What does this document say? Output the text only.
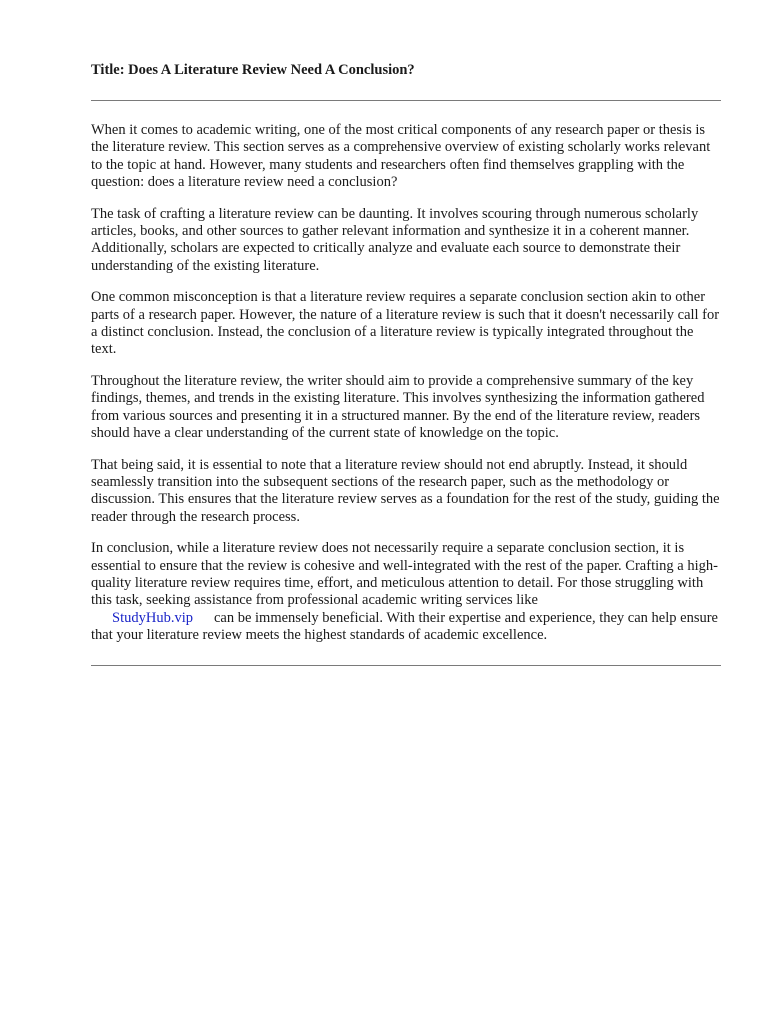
Title: Does A Literature Review Need A Conclusion?

When it comes to academic writing, one of the most critical components of any research paper or thesis is the literature review. This section serves as a comprehensive overview of existing scholarly works relevant to the topic at hand. However, many students and researchers often find themselves grappling with the question: does a literature review need a conclusion?

The task of crafting a literature review can be daunting. It involves scouring through numerous scholarly articles, books, and other sources to gather relevant information and synthesize it in a coherent manner. Additionally, scholars are expected to critically analyze and evaluate each source to demonstrate their understanding of the existing literature.

One common misconception is that a literature review requires a separate conclusion section akin to other parts of a research paper. However, the nature of a literature review is such that it doesn't necessarily call for a distinct conclusion. Instead, the conclusion of a literature review is typically integrated throughout the text.

Throughout the literature review, the writer should aim to provide a comprehensive summary of the key findings, themes, and trends in the existing literature. This involves synthesizing the information gathered from various sources and presenting it in a structured manner. By the end of the literature review, readers should have a clear understanding of the current state of knowledge on the topic.

That being said, it is essential to note that a literature review should not end abruptly. Instead, it should seamlessly transition into the subsequent sections of the research paper, such as the methodology or discussion. This ensures that the literature review serves as a foundation for the rest of the study, guiding the reader through the research process.

In conclusion, while a literature review does not necessarily require a separate conclusion section, it is essential to ensure that the review is cohesive and well-integrated with the rest of the paper. Crafting a high-quality literature review requires time, effort, and meticulous attention to detail. For those struggling with this task, seeking assistance from professional academic writing services like
StudyHub.vip can be immensely beneficial. With their expertise and experience, they can help ensure that your literature review meets the highest standards of academic excellence.
